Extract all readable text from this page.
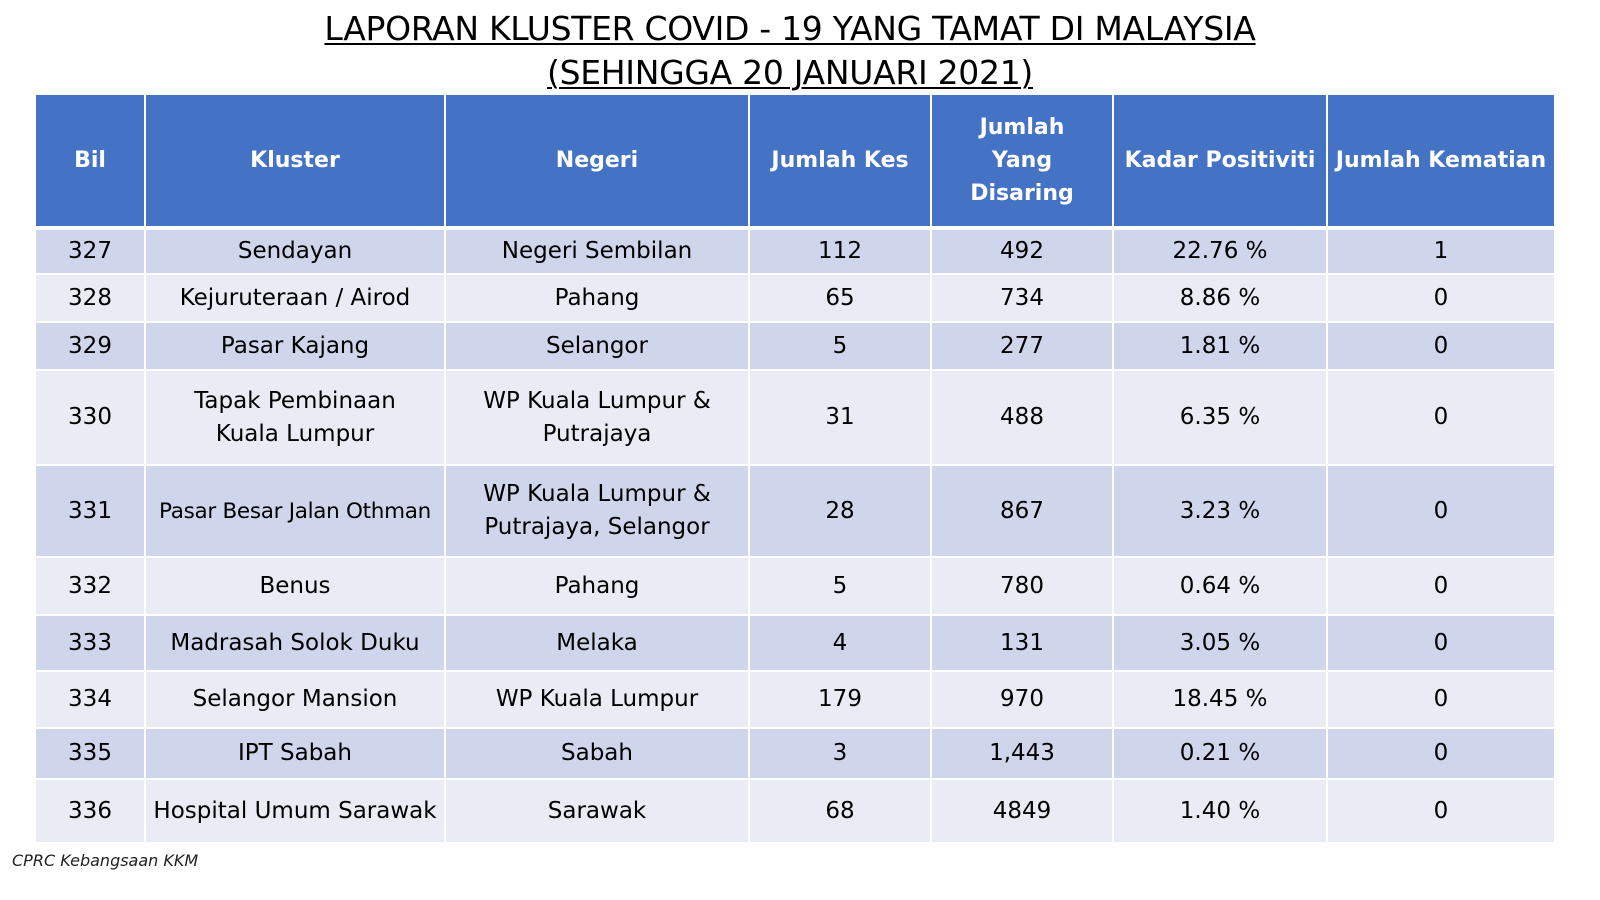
LAPORAN KLUSTER COVID - 19 YANG TAMAT DI MALAYSIA
(SEHINGGA 20 JANUARI 2021)
Bil	Kluster	Negeri	Jumlah Kes	Jumlah Yang Disaring	Kadar Positiviti	Jumlah Kematian
327	Sendayan	Negeri Sembilan	112	492	22.76 %	1
328	Kejuruteraan / Airod	Pahang	65	734	8.86 %	0
329	Pasar Kajang	Selangor	5	277	1.81 %	0
330	Tapak Pembinaan Kuala Lumpur	WP Kuala Lumpur & Putrajaya	31	488	6.35 %	0
331	Pasar Besar Jalan Othman	WP Kuala Lumpur & Putrajaya, Selangor	28	867	3.23 %	0
332	Benus	Pahang	5	780	0.64 %	0
333	Madrasah Solok Duku	Melaka	4	131	3.05 %	0
334	Selangor Mansion	WP Kuala Lumpur	179	970	18.45 %	0
335	IPT Sabah	Sabah	3	1,443	0.21 %	0
336	Hospital Umum Sarawak	Sarawak	68	4849	1.40 %	0
CPRC Kebangsaan KKM
